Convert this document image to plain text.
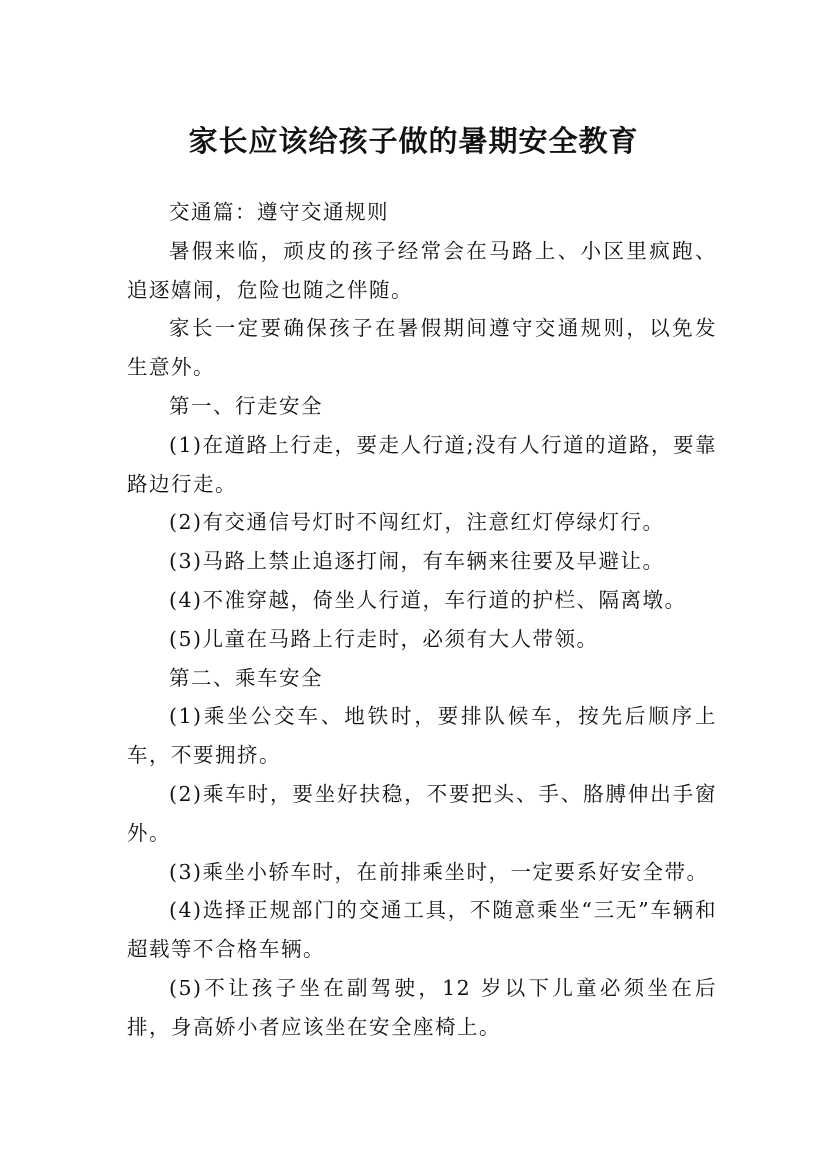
家长应该给孩子做的暑期安全教育

交通篇：遵守交通规则

暑假来临，顽皮的孩子经常会在马路上、小区里疯跑、追逐嬉闹，危险也随之伴随。

家长一定要确保孩子在暑假期间遵守交通规则，以免发生意外。

第一、行走安全

(1)在道路上行走，要走人行道;没有人行道的道路，要靠路边行走。

(2)有交通信号灯时不闯红灯，注意红灯停绿灯行。

(3)马路上禁止追逐打闹，有车辆来往要及早避让。

(4)不准穿越，倚坐人行道，车行道的护栏、隔离墩。

(5)儿童在马路上行走时，必须有大人带领。

第二、乘车安全

(1)乘坐公交车、地铁时，要排队候车，按先后顺序上车，不要拥挤。

(2)乘车时，要坐好扶稳，不要把头、手、胳膊伸出手窗外。

(3)乘坐小轿车时，在前排乘坐时，一定要系好安全带。

(4)选择正规部门的交通工具，不随意乘坐“三无”车辆和超载等不合格车辆。

(5)不让孩子坐在副驾驶，12 岁以下儿童必须坐在后排，身高娇小者应该坐在安全座椅上。
